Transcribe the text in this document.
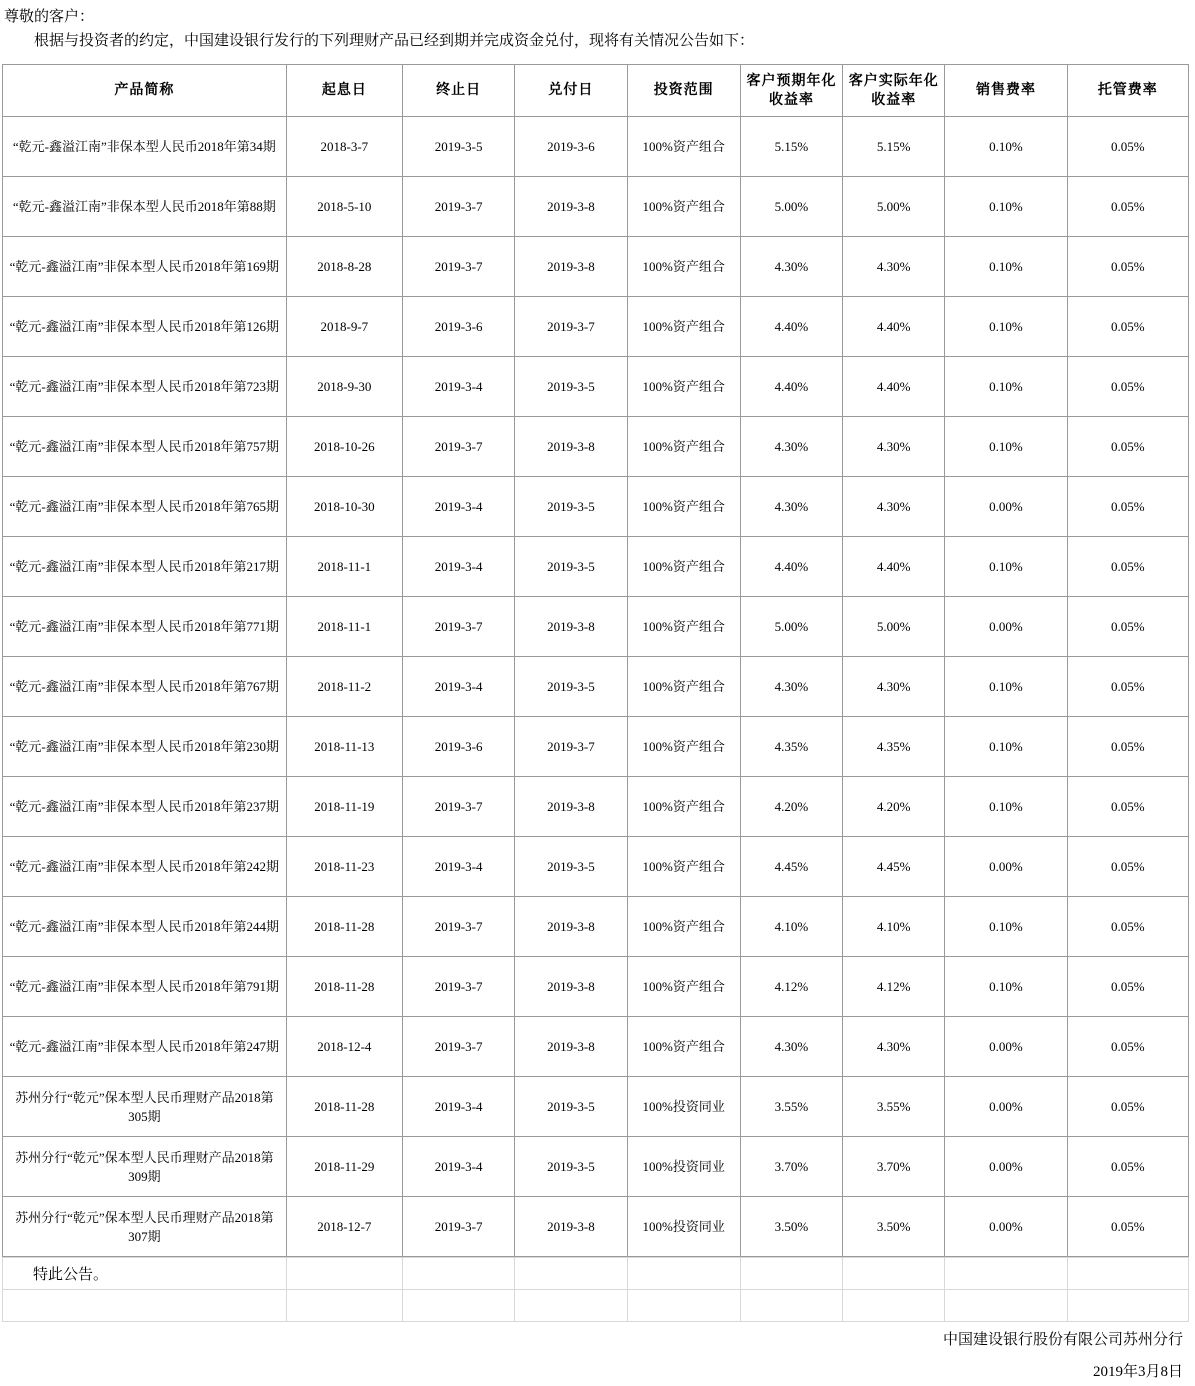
尊敬的客户：
根据与投资者的约定，中国建设银行发行的下列理财产品已经到期并完成资金兑付，现将有关情况公告如下：
产品简称	起息日	终止日	兑付日	投资范围	客户预期年化收益率	客户实际年化收益率	销售费率	托管费率
“乾元-鑫溢江南”非保本型人民币2018年第34期	2018-3-7	2019-3-5	2019-3-6	100%资产组合	5.15%	5.15%	0.10%	0.05%
“乾元-鑫溢江南”非保本型人民币2018年第88期	2018-5-10	2019-3-7	2019-3-8	100%资产组合	5.00%	5.00%	0.10%	0.05%
“乾元-鑫溢江南”非保本型人民币2018年第169期	2018-8-28	2019-3-7	2019-3-8	100%资产组合	4.30%	4.30%	0.10%	0.05%
“乾元-鑫溢江南”非保本型人民币2018年第126期	2018-9-7	2019-3-6	2019-3-7	100%资产组合	4.40%	4.40%	0.10%	0.05%
“乾元-鑫溢江南”非保本型人民币2018年第723期	2018-9-30	2019-3-4	2019-3-5	100%资产组合	4.40%	4.40%	0.10%	0.05%
“乾元-鑫溢江南”非保本型人民币2018年第757期	2018-10-26	2019-3-7	2019-3-8	100%资产组合	4.30%	4.30%	0.10%	0.05%
“乾元-鑫溢江南”非保本型人民币2018年第765期	2018-10-30	2019-3-4	2019-3-5	100%资产组合	4.30%	4.30%	0.00%	0.05%
“乾元-鑫溢江南”非保本型人民币2018年第217期	2018-11-1	2019-3-4	2019-3-5	100%资产组合	4.40%	4.40%	0.10%	0.05%
“乾元-鑫溢江南”非保本型人民币2018年第771期	2018-11-1	2019-3-7	2019-3-8	100%资产组合	5.00%	5.00%	0.00%	0.05%
“乾元-鑫溢江南”非保本型人民币2018年第767期	2018-11-2	2019-3-4	2019-3-5	100%资产组合	4.30%	4.30%	0.10%	0.05%
“乾元-鑫溢江南”非保本型人民币2018年第230期	2018-11-13	2019-3-6	2019-3-7	100%资产组合	4.35%	4.35%	0.10%	0.05%
“乾元-鑫溢江南”非保本型人民币2018年第237期	2018-11-19	2019-3-7	2019-3-8	100%资产组合	4.20%	4.20%	0.10%	0.05%
“乾元-鑫溢江南”非保本型人民币2018年第242期	2018-11-23	2019-3-4	2019-3-5	100%资产组合	4.45%	4.45%	0.00%	0.05%
“乾元-鑫溢江南”非保本型人民币2018年第244期	2018-11-28	2019-3-7	2019-3-8	100%资产组合	4.10%	4.10%	0.10%	0.05%
“乾元-鑫溢江南”非保本型人民币2018年第791期	2018-11-28	2019-3-7	2019-3-8	100%资产组合	4.12%	4.12%	0.10%	0.05%
“乾元-鑫溢江南”非保本型人民币2018年第247期	2018-12-4	2019-3-7	2019-3-8	100%资产组合	4.30%	4.30%	0.00%	0.05%
苏州分行“乾元”保本型人民币理财产品2018第305期	2018-11-28	2019-3-4	2019-3-5	100%投资同业	3.55%	3.55%	0.00%	0.05%
苏州分行“乾元”保本型人民币理财产品2018第309期	2018-11-29	2019-3-4	2019-3-5	100%投资同业	3.70%	3.70%	0.00%	0.05%
苏州分行“乾元”保本型人民币理财产品2018第307期	2018-12-7	2019-3-7	2019-3-8	100%投资同业	3.50%	3.50%	0.00%	0.05%
特此公告。								

中国建设银行股份有限公司苏州分行
2019年3月8日
